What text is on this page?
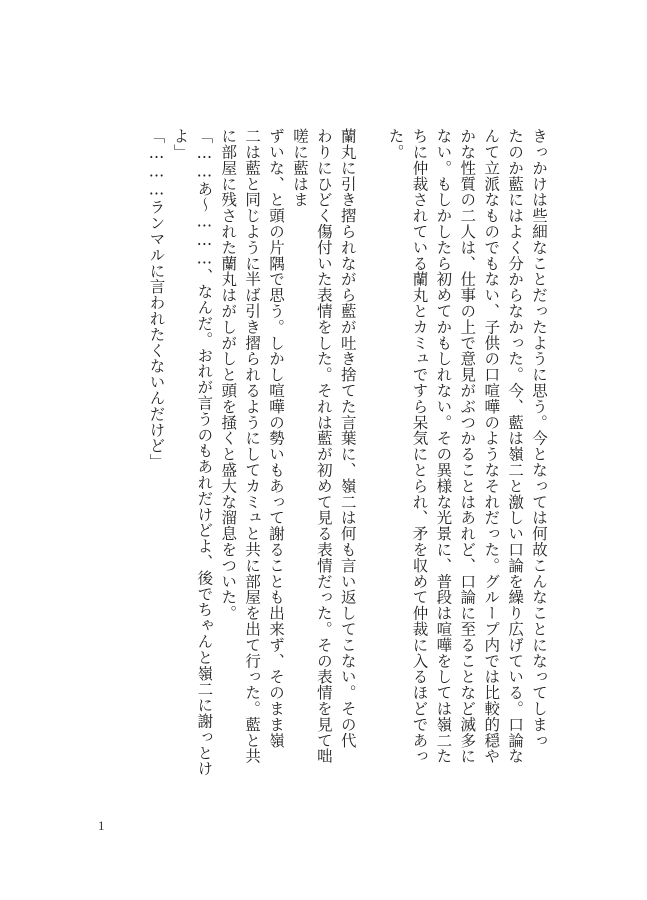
きっかけは些細なことだったように思う。今となっては何故こんなことになってしまっ
たのか藍にはよく分からなかった。今、藍は嶺二と激しい口論を繰り広げている。口論な
んて立派なものでもない、子供の口喧嘩のようなそれだった。グループ内では比較的穏や
かな性質の二人は、仕事の上で意見がぶつかることはあれど、口論に至ることなど滅多に
ない。もしかしたら初めてかもしれない。その異様な光景に、普段は喧嘩をしては嶺二た
ちに仲裁されている蘭丸とカミュですら呆気にとられ、矛を収めて仲裁に入るほどであっ
た。

蘭丸に引き摺られながら藍が吐き捨てた言葉に、嶺二は何も言い返してこない。その代
わりにひどく傷付いた表情をした。それは藍が初めて見る表情だった。その表情を見て咄
嗟に藍はま
ずいな、と頭の片隅で思う。しかし喧嘩の勢いもあって謝ることも出来ず、そのまま嶺
二は藍と同じように半ば引き摺られるようにしてカミュと共に部屋を出て行った。藍と共
に部屋に残された蘭丸はがしがしと頭を掻くと盛大な溜息をついた。
「……あ〜………、なんだ。おれが言うのもあれだけどよ、後でちゃんと嶺二に謝っとけ
よ」
「………ランマルに言われたくないんだけど」
1
